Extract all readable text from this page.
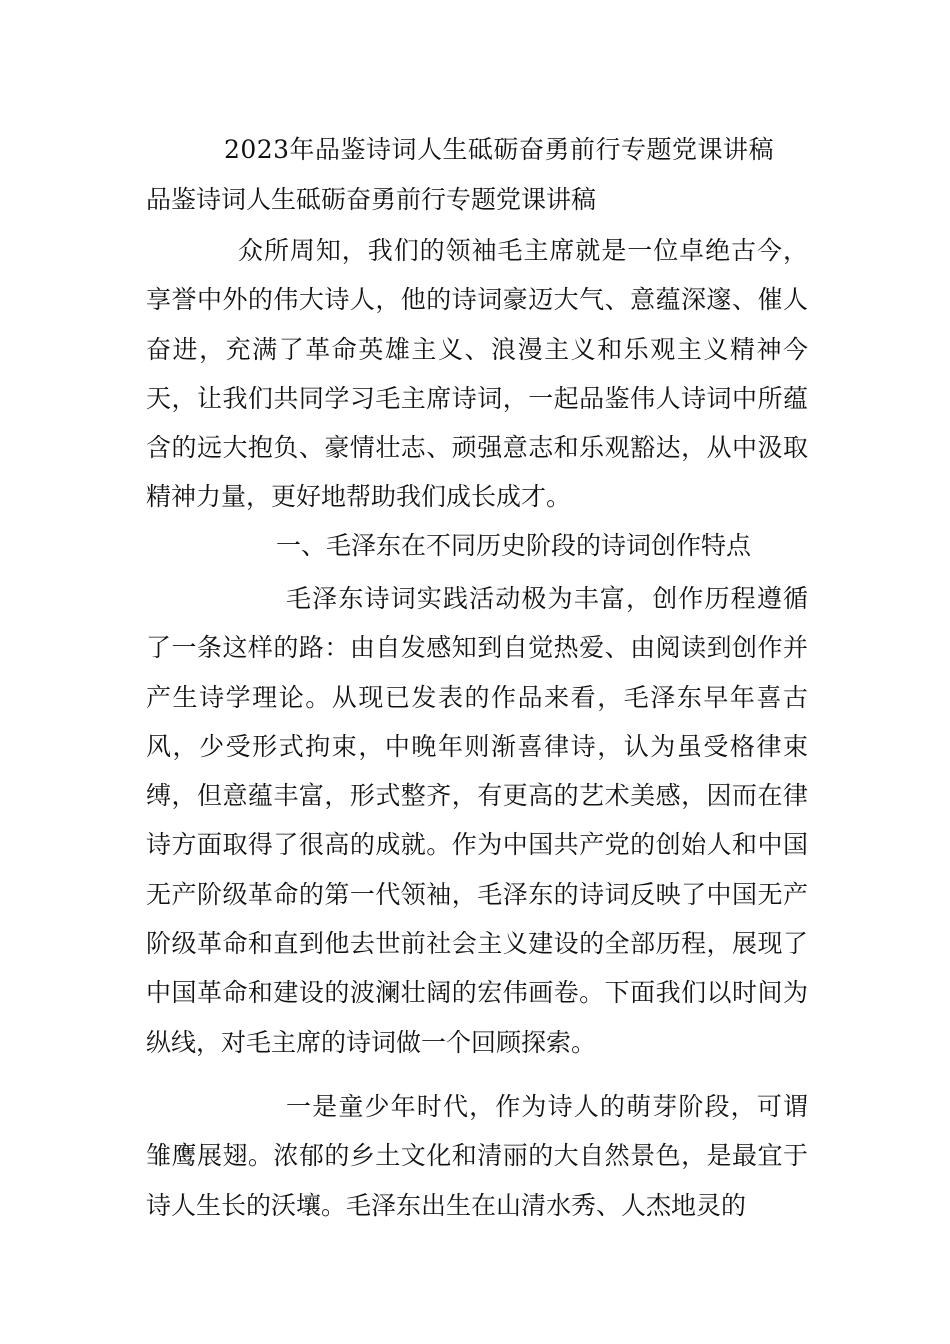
2023年品鉴诗词人生砥砺奋勇前行专题党课讲稿
品鉴诗词人生砥砺奋勇前行专题党课讲稿

众所周知，我们的领袖毛主席就是一位卓绝古今，享誉中外的伟大诗人，他的诗词豪迈大气、意蕴深邃、催人奋进，充满了革命英雄主义、浪漫主义和乐观主义精神今天，让我们共同学习毛主席诗词，一起品鉴伟人诗词中所蕴含的远大抱负、豪情壮志、顽强意志和乐观豁达，从中汲取精神力量，更好地帮助我们成长成才。

一、毛泽东在不同历史阶段的诗词创作特点

毛泽东诗词实践活动极为丰富，创作历程遵循了一条这样的路：由自发感知到自觉热爱、由阅读到创作并产生诗学理论。从现已发表的作品来看，毛泽东早年喜古风，少受形式拘束，中晚年则渐喜律诗，认为虽受格律束缚，但意蕴丰富，形式整齐，有更高的艺术美感，因而在律诗方面取得了很高的成就。作为中国共产党的创始人和中国无产阶级革命的第一代领袖，毛泽东的诗词反映了中国无产阶级革命和直到他去世前社会主义建设的全部历程，展现了中国革命和建设的波澜壮阔的宏伟画卷。下面我们以时间为纵线，对毛主席的诗词做一个回顾探索。

一是童少年时代，作为诗人的萌芽阶段，可谓雏鹰展翅。浓郁的乡土文化和清丽的大自然景色，是最宜于诗人生长的沃壤。毛泽东出生在山清水秀、人杰地灵的
